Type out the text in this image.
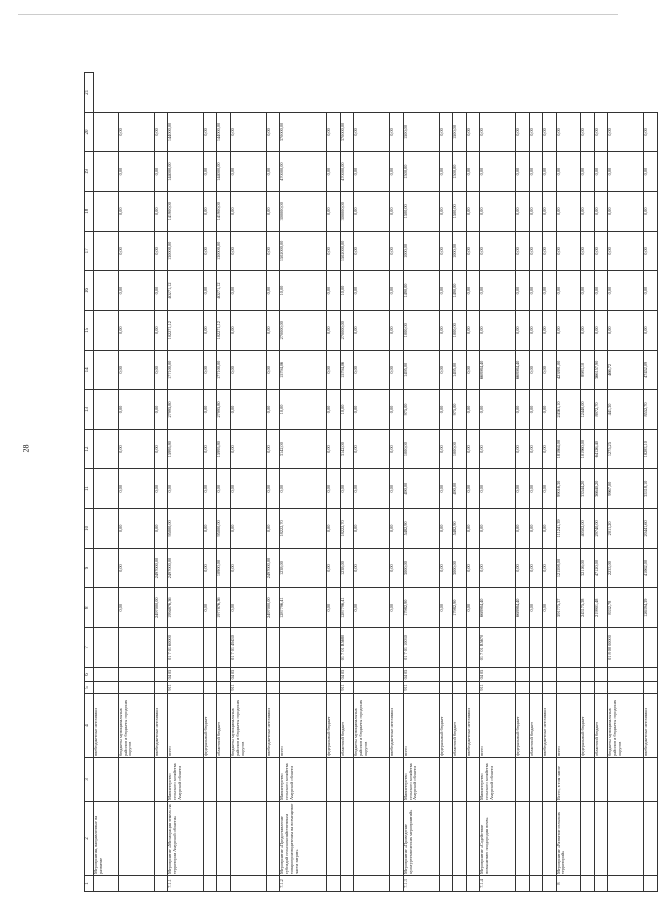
28
1	2	3	4	5	6	7	8	9	10	11	12	13	14	15	16	17	18	19	20	21
	Мероприятия, направленные на развитие		внебюджетные источники																	
			бюджеты муниципальных районов и бюджеты городских округов				0,00	0,00	0,00	0,00	0,00	0,00	0,00	0,00	0,00	0,00	0,00	0,00	0,00	
			внебюджетные источники				2497000,00	2497000,00	0,00	0,00	0,00	0,00	0,00	0,00	0,00	0,00	0,00	0,00	0,00	
7.1.1	Мероприятие «Мелиорация земель на территории Амурской области»	Министерство сельского хозяйства Амурской области	всего	911	04 05	01 7 01 60000	1994876,36	2497000,00	95000,00	0,00	15995,80	27995,80	177100,00	102271,12	40271,12	130000,00	141900,00	144000,00	144000,00	
			федеральный бюджет				0,00	0,00	0,00	0,00	0,00	0,00	0,00	0,00	0,00	0,00	0,00	0,00	0,00	
			областной бюджет				1977876,36	10900,00	95000,00	0,00	15995,80	27995,80	177100,00	102271,12	40271,12	130000,00	141900,00	144000,00	144000,00	
			бюджеты муниципальных районов и бюджеты городских округов	911	04 05	01 7 01 49430	0,00	0,00	0,00	0,00	0,00	0,00	0,00	0,00	0,00	0,00	0,00	0,00	0,00	
			внебюджетные источники				2497000,00	2497000,00	0,00	0,00	0,00	0,00	0,00	0,00	0,00	0,00	0,00	0,00	0,00	
7.1.2	Мероприятие «Предоставление субсидий сельскохозяйственным товаропроизводителям на возмещение части затрат»	Министерство сельского хозяйства Амурской области	всего				1287796,41	1238,00	18222,70	0,00	3142,00	10,00	15794,06	270000,00	10,00	1502000,00	300000,00	470000,00	370000,00	
			федеральный бюджет				0,00	0,00	0,00	0,00	0,00	0,00	0,00	0,00	0,00	0,00	0,00	0,00	0,00	
			областной бюджет	911	04 05	01 7 01 R5680	1287796,41	1238,00	18222,70	0,00	3142,00	10,00	15794,06	270000,00	10,00	1502000,00	300000,00	470000,00	370000,00	
			бюджеты муниципальных районов и бюджеты городских округов				0,00	0,00	0,00	0,00	0,00	0,00	0,00	0,00	0,00	0,00	0,00	0,00	0,00	
			внебюджетные источники				0,00	0,00	0,00	0,00	0,00	0,00	0,00	0,00	0,00	0,00	0,00	0,00	0,00	
7.1.3	Мероприятие «Проведение культуртехнических мероприятий»	Министерство сельского хозяйства Амурской области	всего	911	04 05	01 7 01 10030	17982,90	3000,00	5482,90	490,00	1000,00	975,00	1495,00	1000,00	1490,00	1000,00	1500,00	1500,00	1500,00	
			федеральный бюджет				0,00	0,00	0,00	0,00	0,00	0,00	0,00	0,00	0,00	0,00	0,00	0,00	0,00	
			областной бюджет				17982,90	3000,00	5482,90	490,00	1000,00	975,00	1495,00	1000,00	1490,00	1000,00	1500,00	1500,00	1500,00	
			внебюджетные источники				0,00	0,00	0,00	0,00	0,00	0,00	0,00	0,00	0,00	0,00	0,00	0,00	0,00	
7.1.4	Мероприятие «Содействие повышению плодородия почв»	Министерство сельского хозяйства Амурской области	всего	911	04 05	01 7 01 R5670	668984,40	0,00	0,00	0,00	0,00	0,00	668984,40	0,00	0,00	0,00	0,00	0,00	0,00	
			федеральный бюджет				668984,40	0,00	0,00	0,00	0,00	0,00	668984,40	0,00	0,00	0,00	0,00	0,00	0,00	
			областной бюджет				0,00	0,00	0,00	0,00	0,00	0,00	0,00	0,00	0,00	0,00	0,00	0,00	0,00	
			внебюджетные источники				0,00	0,00	0,00	0,00	0,00	0,00	0,00	0,00	0,00	0,00	0,00	0,00	0,00	
8	Мероприятие «Развитие сельских территорий»	Всего, в том числе	всего				591775,37	121598,00	111241,39	99016,30	181864,00	24361,10	423891,00	0,00	0,00	0,00	0,00	0,00	0,00	
			федеральный бюджет				243175,38	32116,00	40502,00	33544,20	101960,00	12440,00	8983,10	0,00	0,00	0,00	0,00	0,00	0,00	
			областной бюджет				219901,48	47120,00	29740,00	36640,20	64126,40	8972,70	366157,90	0,00	0,00	0,00	0,00	0,00	0,00	
			бюджеты муниципальных районов и бюджеты городских округов			01 8 00 00000	8332,78	2233,00	2011,20	9967,00	1275,25	441,30	466,72	0,00	0,00	0,00	0,00	0,00	0,00	
			внебюджетные источники				126394,39	41062,00	20441,60	35318,10	18283,10	8552,70	47452,09	0,00	0,00	0,00	0,00	0,00	0,00	
